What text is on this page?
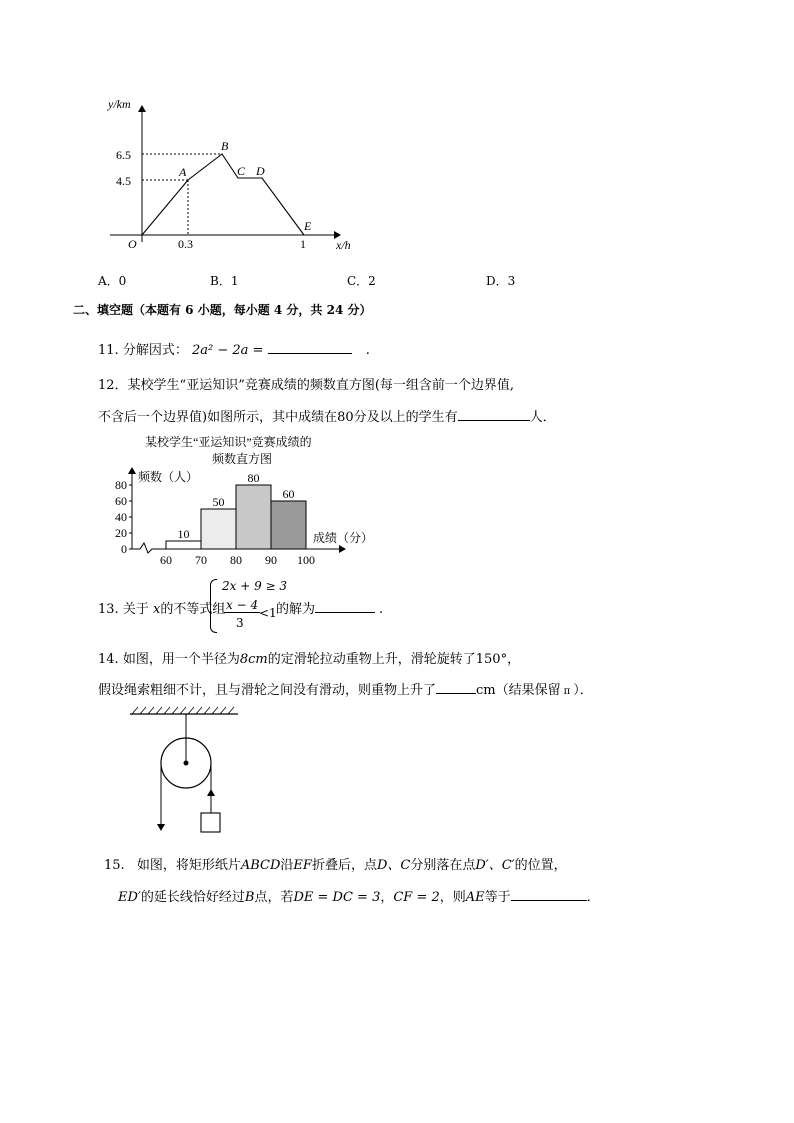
y/km
x/h
6.5
4.5
0.3	1
O
A
B
C D
E
A．0	B．1	C．2	D．3
二、填空题（本题有 6 小题，每小题 4 分，共 24 分）
11. 分解因式： 2a² − 2a =	.
12．某校学生“亚运知识”竞赛成绩的频数直方图(每一组含前一个边界值,
不含后一个边界值)如图所示，其中成绩在80分及以上的学生有	人．
某校学生“亚运知识”竞赛成绩的
频数直方图
频数（人）
成绩（分）
0
20
40
60
80
10
50
80
60
60 70 80 90 100
13. 关于 x的不等式组
2x + 9 ≥ 3
x − 4
3
<1 的解为	.
14. 如图，用一个半径为8cm的定滑轮拉动重物上升，滑轮旋转了150°，
假设绳索粗细不计，且与滑轮之间没有滑动，则重物上升了	cm（结果保留 π ）．
15. 如图，将矩形纸片ABCD沿EF折叠后，点D、C分别落在点D′、C′的位置，
ED′的延长线恰好经过B点，若DE = DC = 3，CF = 2，则AE等于	．
